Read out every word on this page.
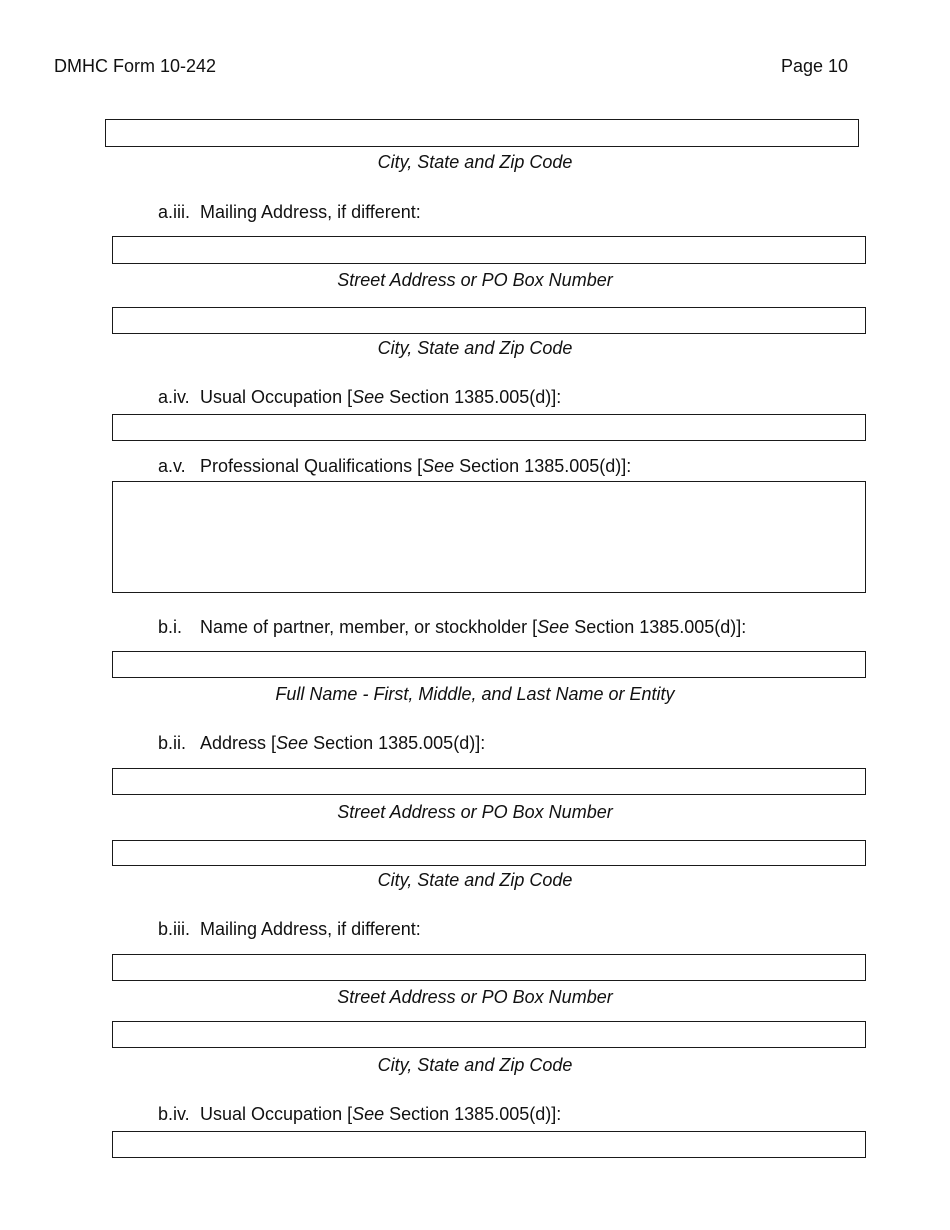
DMHC Form 10-242	Page 10
City, State and Zip Code
a.iii. Mailing Address, if different:
Street Address or PO Box Number
City, State and Zip Code
a.iv. Usual Occupation [See Section 1385.005(d)]:
a.v. Professional Qualifications [See Section 1385.005(d)]:
b.i. Name of partner, member, or stockholder [See Section 1385.005(d)]:
Full Name - First, Middle, and Last Name or Entity
b.ii. Address [See Section 1385.005(d)]:
Street Address or PO Box Number
City, State and Zip Code
b.iii. Mailing Address, if different:
Street Address or PO Box Number
City, State and Zip Code
b.iv. Usual Occupation [See Section 1385.005(d)]:
